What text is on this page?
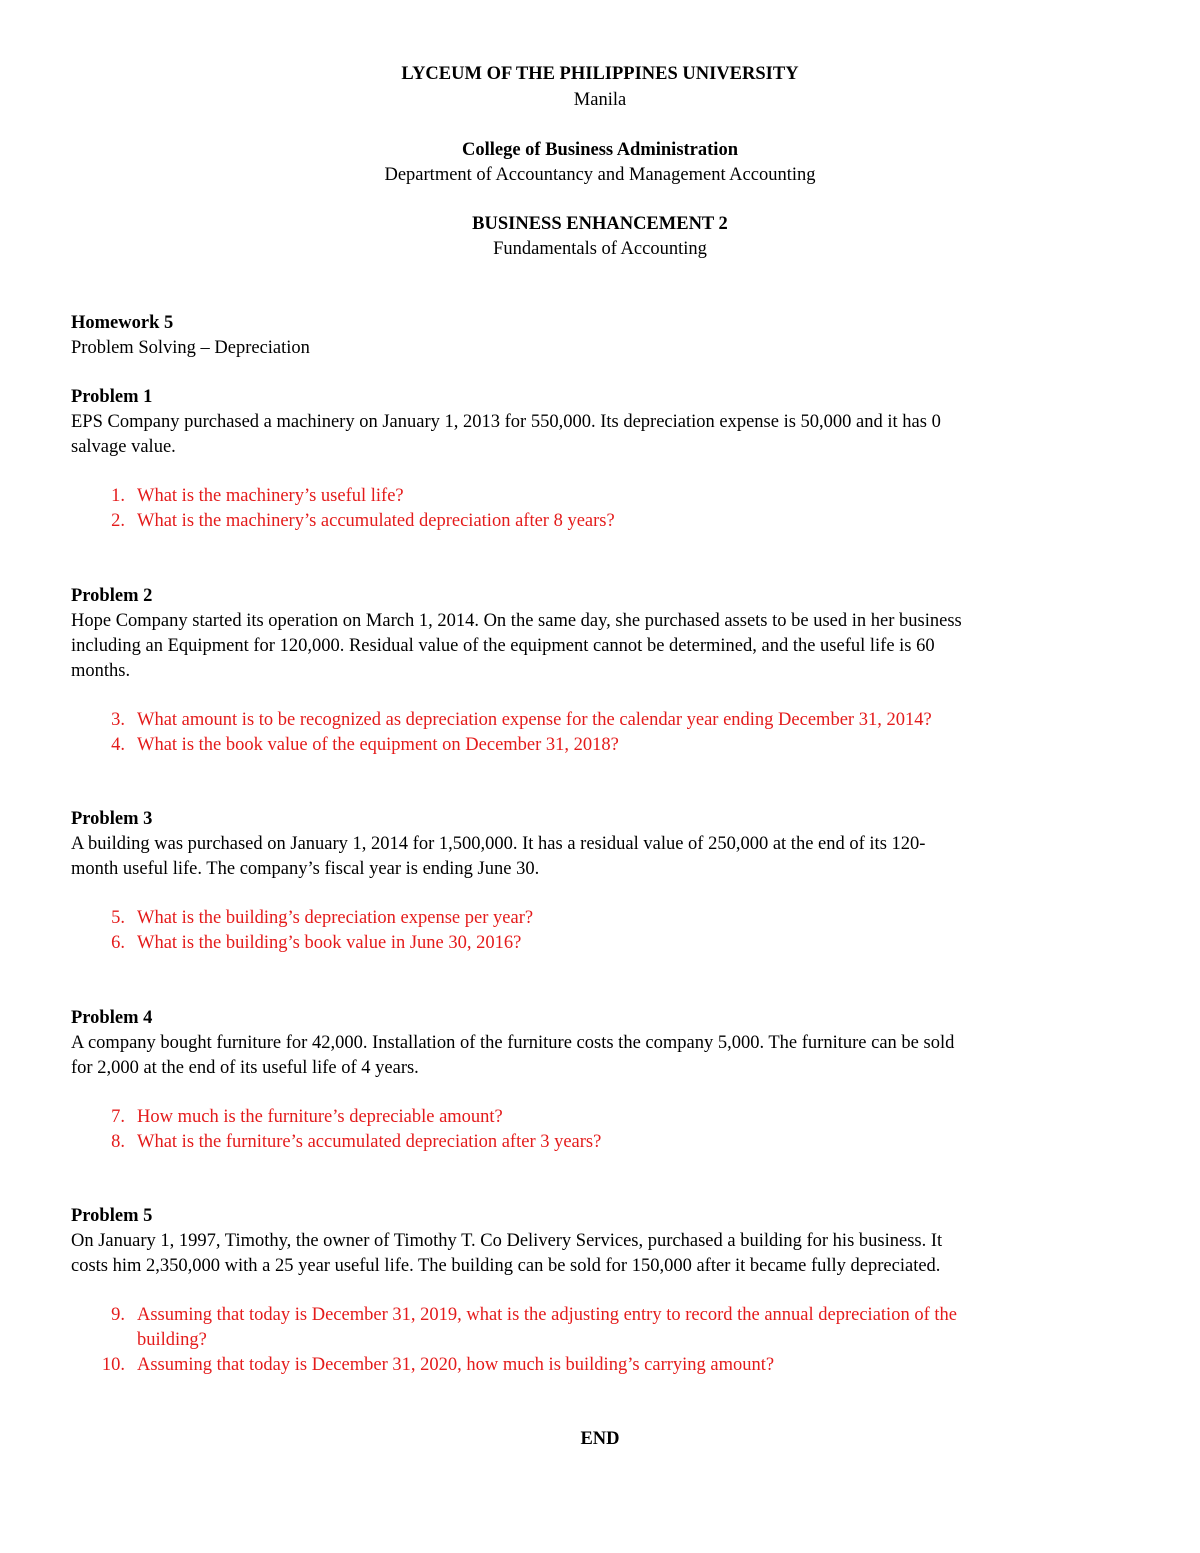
LYCEUM OF THE PHILIPPINES UNIVERSITY
Manila
College of Business Administration
Department of Accountancy and Management Accounting
BUSINESS ENHANCEMENT 2
Fundamentals of Accounting
Homework 5
Problem Solving – Depreciation
Problem 1
EPS Company purchased a machinery on January 1, 2013 for 550,000. Its depreciation expense is 50,000 and it has 0
salvage value.
1. What is the machinery’s useful life?
2. What is the machinery’s accumulated depreciation after 8 years?
Problem 2
Hope Company started its operation on March 1, 2014. On the same day, she purchased assets to be used in her business
including an Equipment for 120,000. Residual value of the equipment cannot be determined, and the useful life is 60
months.
3. What amount is to be recognized as depreciation expense for the calendar year ending December 31, 2014?
4. What is the book value of the equipment on December 31, 2018?
Problem 3
A building was purchased on January 1, 2014 for 1,500,000. It has a residual value of 250,000 at the end of its 120-
month useful life. The company’s fiscal year is ending June 30.
5. What is the building’s depreciation expense per year?
6. What is the building’s book value in June 30, 2016?
Problem 4
A company bought furniture for 42,000. Installation of the furniture costs the company 5,000. The furniture can be sold
for 2,000 at the end of its useful life of 4 years.
7. How much is the furniture’s depreciable amount?
8. What is the furniture’s accumulated depreciation after 3 years?
Problem 5
On January 1, 1997, Timothy, the owner of Timothy T. Co Delivery Services, purchased a building for his business. It
costs him 2,350,000 with a 25 year useful life. The building can be sold for 150,000 after it became fully depreciated.
9. Assuming that today is December 31, 2019, what is the adjusting entry to record the annual depreciation of the
building?
10. Assuming that today is December 31, 2020, how much is building’s carrying amount?
END
